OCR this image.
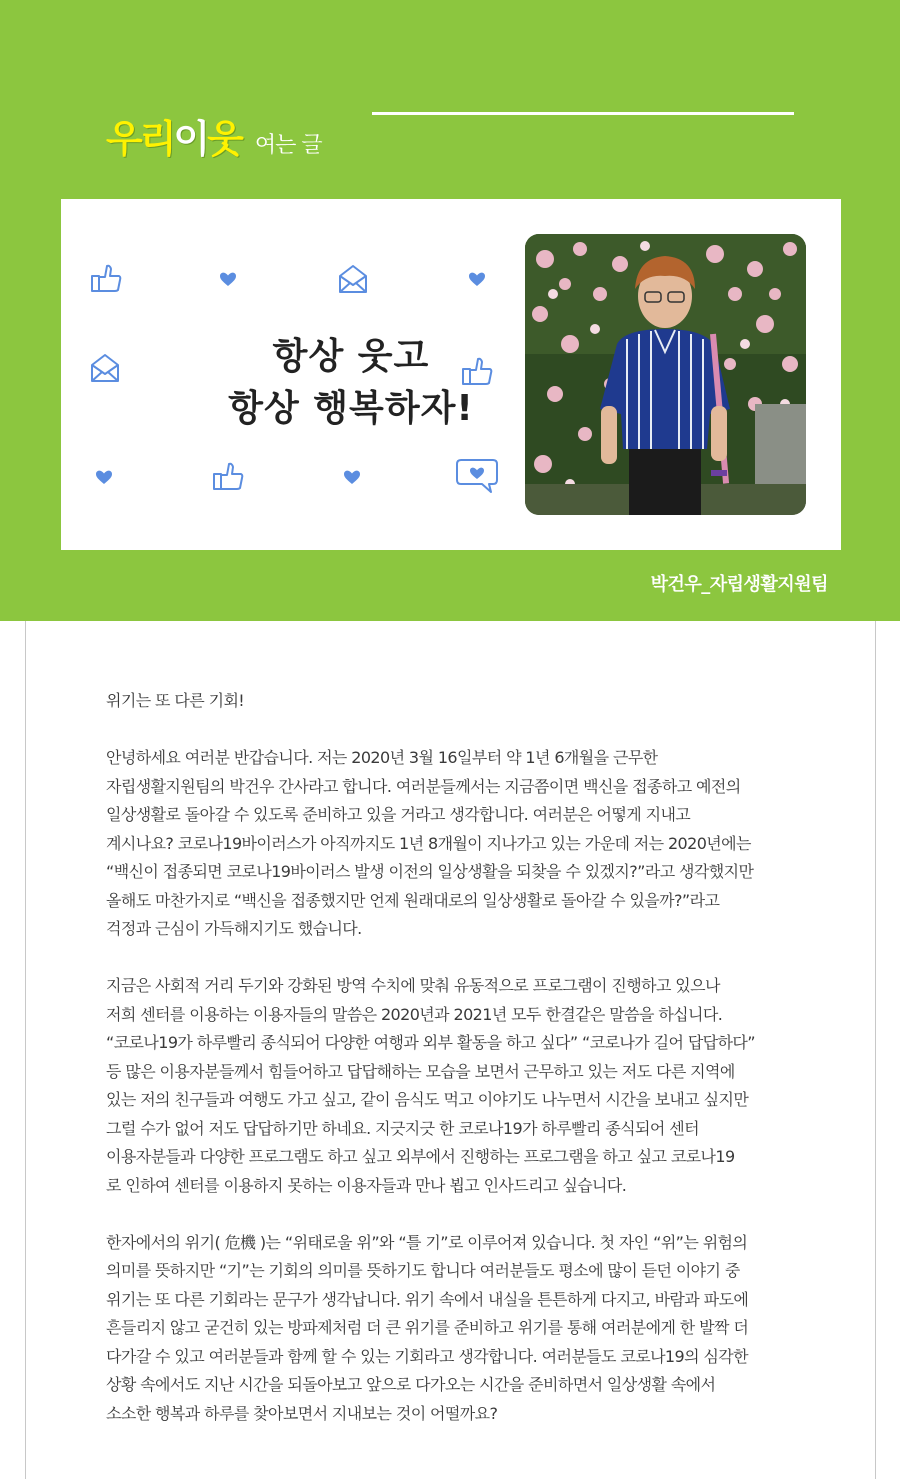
우리이웃 여는 글
항상 웃고
항상 행복하자!
박건우_자립생활지원팀

위기는 또 다른 기회!

안녕하세요 여러분 반갑습니다. 저는 2020년 3월 16일부터 약 1년 6개월을 근무한
자립생활지원팀의 박건우 간사라고 합니다. 여러분들께서는 지금쯤이면 백신을 접종하고 예전의
일상생활로 돌아갈 수 있도록 준비하고 있을 거라고 생각합니다. 여러분은 어떻게 지내고
계시나요? 코로나19바이러스가 아직까지도 1년 8개월이 지나가고 있는 가운데 저는 2020년에는
“백신이 접종되면 코로나19바이러스 발생 이전의 일상생활을 되찾을 수 있겠지?”라고 생각했지만
올해도 마찬가지로 “백신을 접종했지만 언제 원래대로의 일상생활로 돌아갈 수 있을까?”라고
걱정과 근심이 가득해지기도 했습니다.

지금은 사회적 거리 두기와 강화된 방역 수치에 맞춰 유동적으로 프로그램이 진행하고 있으나
저희 센터를 이용하는 이용자들의 말씀은 2020년과 2021년 모두 한결같은 말씀을 하십니다.
“코로나19가 하루빨리 종식되어 다양한 여행과 외부 활동을 하고 싶다” “코로나가 길어 답답하다”
등 많은 이용자분들께서 힘들어하고 답답해하는 모습을 보면서 근무하고 있는 저도 다른 지역에
있는 저의 친구들과 여행도 가고 싶고, 같이 음식도 먹고 이야기도 나누면서 시간을 보내고 싶지만
그럴 수가 없어 저도 답답하기만 하네요. 지긋지긋 한 코로나19가 하루빨리 종식되어 센터
이용자분들과 다양한 프로그램도 하고 싶고 외부에서 진행하는 프로그램을 하고 싶고 코로나19
로 인하여 센터를 이용하지 못하는 이용자들과 만나 뵙고 인사드리고 싶습니다.

한자에서의 위기( 危機 )는 “위태로울 위”와 “틀 기”로 이루어져 있습니다. 첫 자인 “위”는 위험의
의미를 뜻하지만 “기”는 기회의 의미를 뜻하기도 합니다 여러분들도 평소에 많이 듣던 이야기 중
위기는 또 다른 기회라는 문구가 생각납니다. 위기 속에서 내실을 튼튼하게 다지고, 바람과 파도에
흔들리지 않고 굳건히 있는 방파제처럼 더 큰 위기를 준비하고 위기를 통해 여러분에게 한 발짝 더
다가갈 수 있고 여러분들과 함께 할 수 있는 기회라고 생각합니다. 여러분들도 코로나19의 심각한
상황 속에서도 지난 시간을 되돌아보고 앞으로 다가오는 시간을 준비하면서 일상생활 속에서
소소한 행복과 하루를 찾아보면서 지내보는 것이 어떨까요?
